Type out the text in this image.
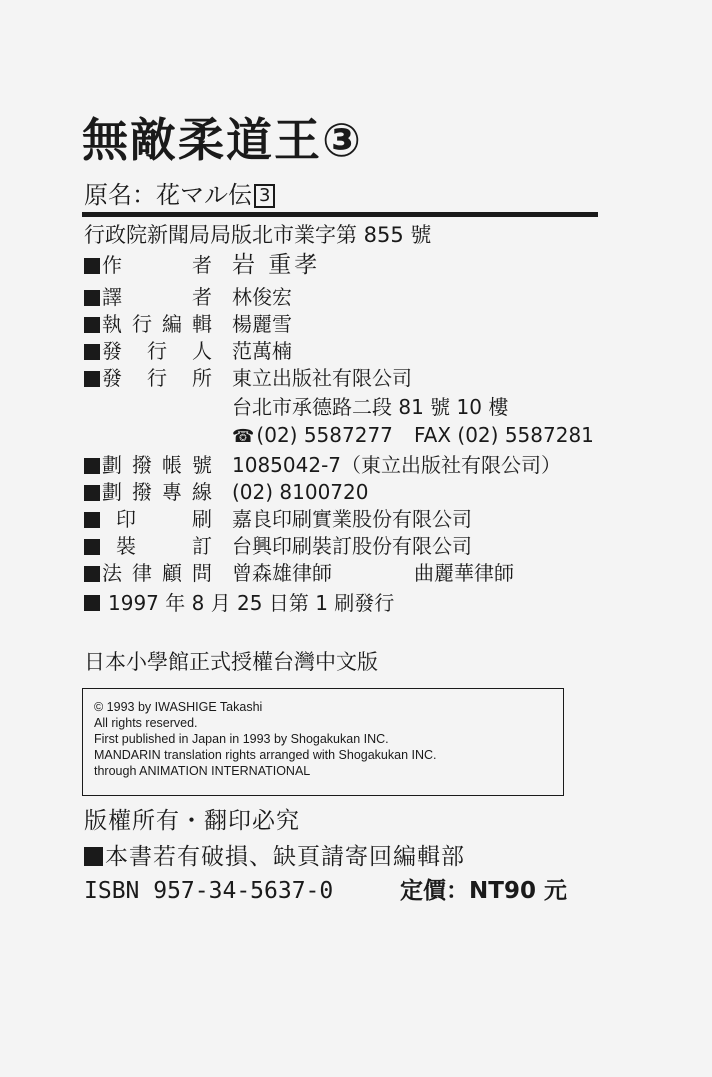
無敵柔道王③
原名：花マル伝 3
行政院新聞局局版北市業字第 855 號
作	者 岩 重孝
譯	者 林俊宏
執 行 編 輯 楊麗雪
發 行 人 范萬楠
發 行 所 東立出版社有限公司
台北市承德路二段 81 號 10 樓
☎ (02) 5587277 FAX (02) 5587281
劃 撥 帳 號 1085042-7（東立出版社有限公司）
劃 撥 專 線 (02) 8100720
印	刷 嘉良印刷實業股份有限公司
裝	訂 台興印刷裝訂股份有限公司
法 律 顧 問 曾森雄律師	曲麗華律師
1997 年 8 月 25 日第 1 刷發行
日本小學館正式授權台灣中文版
© 1993 by IWASHIGE Takashi
All rights reserved.
First published in Japan in 1993 by Shogakukan INC.
MANDARIN translation rights arranged with Shogakukan INC.
through ANIMATION INTERNATIONAL
版權所有・翻印必究
本書若有破損、缺頁請寄回編輯部
ISBN 957-34-5637-0	定價：NT90 元
